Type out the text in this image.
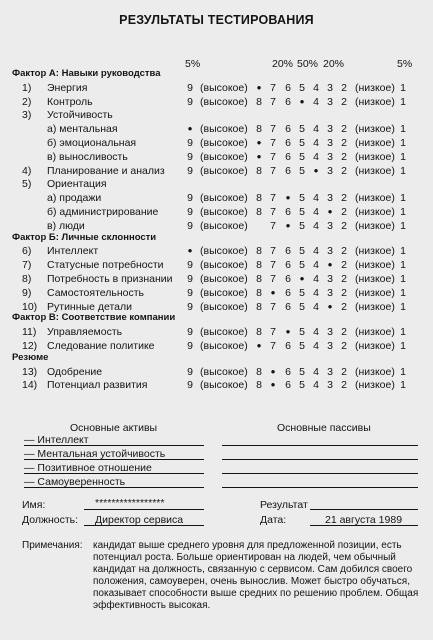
РЕЗУЛЬТАТЫ ТЕСТИРОВАНИЯ
5%	20% 50% 20%	5%
Фактор А: Навыки руководства
1) Энергия	9 (высокое) • 7 6 5 4 3 2 (низкое) 1
2) Контроль	9 (высокое) 8 7 6 • 4 3 2 (низкое) 1
3) Устойчивость
а) ментальная	• (высокое) 8 7 6 5 4 3 2 (низкое) 1
б) эмоциональная	9 (высокое) • 7 6 5 4 3 2 (низкое) 1
в) выносливость	9 (высокое) • 7 6 5 4 3 2 (низкое) 1
4) Планирование и анализ 9 (высокое) 8 7 6 5 • 3 2 (низкое) 1
5) Ориентация
а) продажи	9 (высокое) 8 7 • 5 4 3 2 (низкое) 1
б) администрирование	9 (высокое) 8 7 6 5 4 • 2 (низкое) 1
в) люди	9 (высокое) 7 • 5 4 3 2 (низкое) 1
Фактор Б: Личные склонности
6) Интеллект	• (высокое) 8 7 6 5 4 3 2 (низкое) 1
7) Статусные потребности 9 (высокое) 8 7 6 5 4 • 2 (низкое) 1
8) Потребность в признании 9 (высокое) 8 7 6 • 4 3 2 (низкое) 1
9) Самостоятельность	9 (высокое) 8 • 6 5 4 3 2 (низкое) 1
10) Рутинные детали	9 (высокое) 8 7 6 5 4 • 2 (низкое) 1
Фактор В: Соответствие компании
11) Управляемость	9 (высокое) 8 7 • 5 4 3 2 (низкое) 1
12) Следование политике	9 (высокое) • 7 6 5 4 3 2 (низкое) 1
Резюме
13) Одобрение	9 (высокое) 8 • 6 5 4 3 2 (низкое) 1
14) Потенциал развития	9 (высокое) 8 • 6 5 4 3 2 (низкое) 1
Основные активы	Основные пассивы
— Интеллект
— Ментальная устойчивость
— Позитивное отношение
— Самоуверенность
Имя:	*****************	Результат
Должность: Директор сервиса	Дата:	21 августа 1989
Примечания: кандидат выше среднего уровня для предложенной позиции, есть
потенциал роста. Больше ориентирован на людей, чем обычный
кандидат на должность, связанную с сервисом. Сам добился своего
положения, самоуверен, очень вынослив. Может быстро обучаться,
показывает способности выше средних по решению проблем. Общая
эффективность высокая.
